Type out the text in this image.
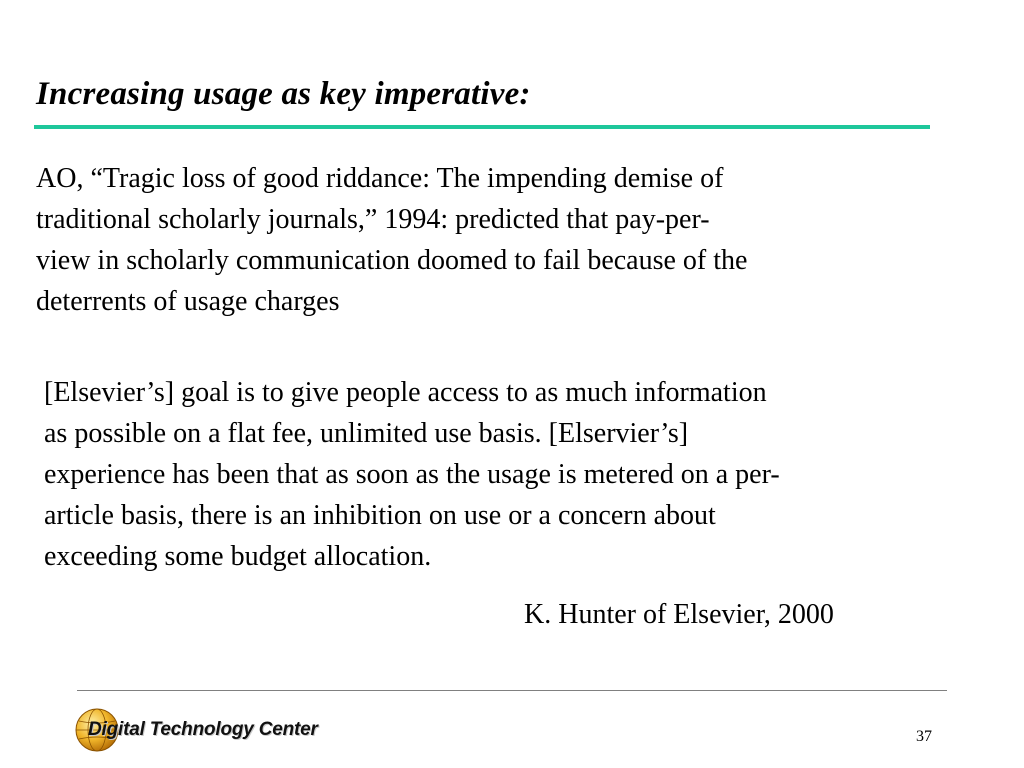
Increasing usage as key imperative:

AO, “Tragic loss of good riddance: The impending demise of
traditional scholarly journals,” 1994: predicted that pay-per-
view in scholarly communication doomed to fail because of the
deterrents of usage charges

[Elsevier’s] goal is to give people access to as much information
as possible on a flat fee, unlimited use basis. [Elservier’s]
experience has been that as soon as the usage is metered on a per-
article basis, there is an inhibition on use or a concern about
exceeding some budget allocation.

K. Hunter of Elsevier, 2000
Digital Technology Center	37
